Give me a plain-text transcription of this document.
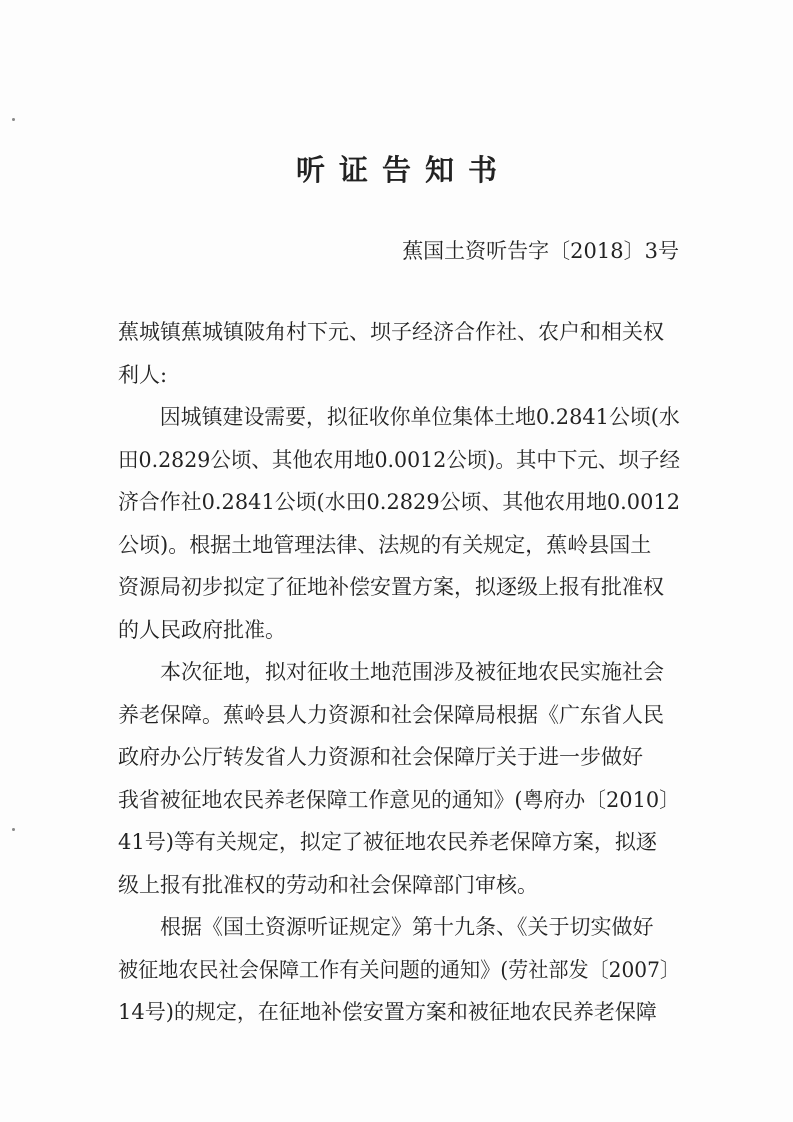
听证告知书
蕉国土资听告字〔2018〕3号
蕉城镇蕉城镇陂角村下元、坝子经济合作社、农户和相关权
利人:
因城镇建设需要，拟征收你单位集体土地0.2841公顷(水
田0.2829公顷、其他农用地0.0012公顷)。其中下元、坝子经
济合作社0.2841公顷(水田0.2829公顷、其他农用地0.0012
公顷)。根据土地管理法律、法规的有关规定，蕉岭县国土
资源局初步拟定了征地补偿安置方案，拟逐级上报有批准权
的人民政府批准。
本次征地，拟对征收土地范围涉及被征地农民实施社会
养老保障。蕉岭县人力资源和社会保障局根据《广东省人民
政府办公厅转发省人力资源和社会保障厅关于进一步做好
我省被征地农民养老保障工作意见的通知》(粤府办〔2010〕
41号)等有关规定，拟定了被征地农民养老保障方案，拟逐
级上报有批准权的劳动和社会保障部门审核。
根据《国土资源听证规定》第十九条、《关于切实做好
被征地农民社会保障工作有关问题的通知》(劳社部发〔2007〕
14号)的规定，在征地补偿安置方案和被征地农民养老保障
